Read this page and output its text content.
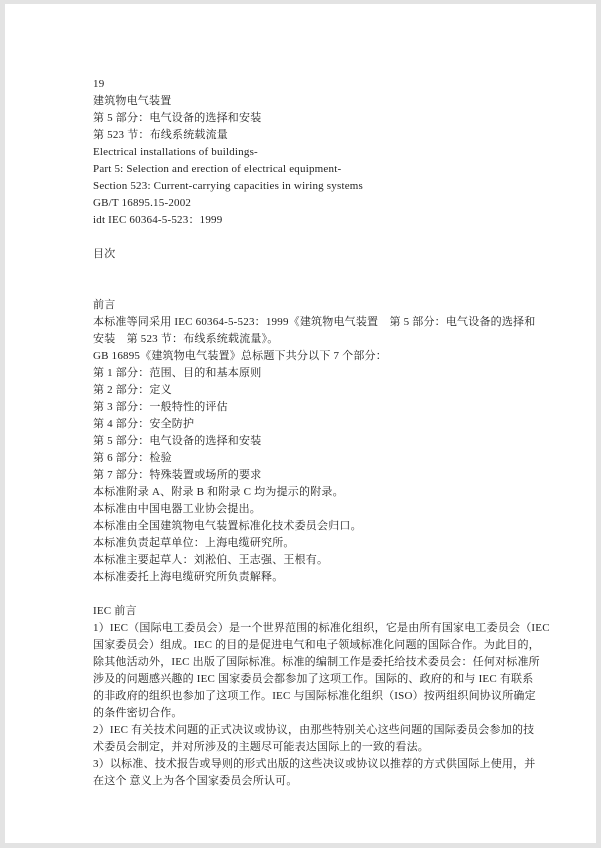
19
建筑物电气装置
第 5 部分：电气设备的选择和安装
第 523 节：布线系统载流量
Electrical installations of buildings-
Part 5: Selection and erection of electrical equipment-
Section 523: Current-carrying capacities in wiring systems
GB/T 16895.15-2002
idt IEC 60364-5-523：1999
目次
前言
本标准等同采用 IEC 60364-5-523：1999《建筑物电气装置　第 5 部分：电气设备的选择和
安装　第 523 节：布线系统载流量》。
GB 16895《建筑物电气装置》总标题下共分以下 7 个部分：
第 1 部分：范围、目的和基本原则
第 2 部分：定义
第 3 部分：一般特性的评估
第 4 部分：安全防护
第 5 部分：电气设备的选择和安装
第 6 部分：检验
第 7 部分：特殊装置或场所的要求
本标准附录 A、附录 B 和附录 C 均为提示的附录。
本标准由中国电器工业协会提出。
本标准由全国建筑物电气装置标准化技术委员会归口。
本标准负责起草单位：上海电缆研究所。
本标准主要起草人：刘淞伯、王志强、王根有。
本标准委托上海电缆研究所负责解释。
IEC 前言
1）IEC（国际电工委员会）是一个世界范围的标准化组织，它是由所有国家电工委员会（IEC
国家委员会）组成。IEC 的目的是促进电气和电子领域标准化问题的国际合作。为此目的，
除其他活动外，IEC 出版了国际标准。标准的编制工作是委托给技术委员会：任何对标准所
涉及的问题感兴趣的 IEC 国家委员会都参加了这项工作。国际的、政府的和与 IEC 有联系
的非政府的组织也参加了这项工作。IEC 与国际标准化组织（ISO）按两组织间协议所确定
的条件密切合作。
2）IEC 有关技术问题的正式决议或协议，由那些特别关心这些问题的国际委员会参加的技
术委员会制定，并对所涉及的主题尽可能表达国际上的一致的看法。
3）以标准、技术报告或导则的形式出版的这些决议或协议以推荐的方式供国际上使用，并
在这个 意义上为各个国家委员会所认可。
